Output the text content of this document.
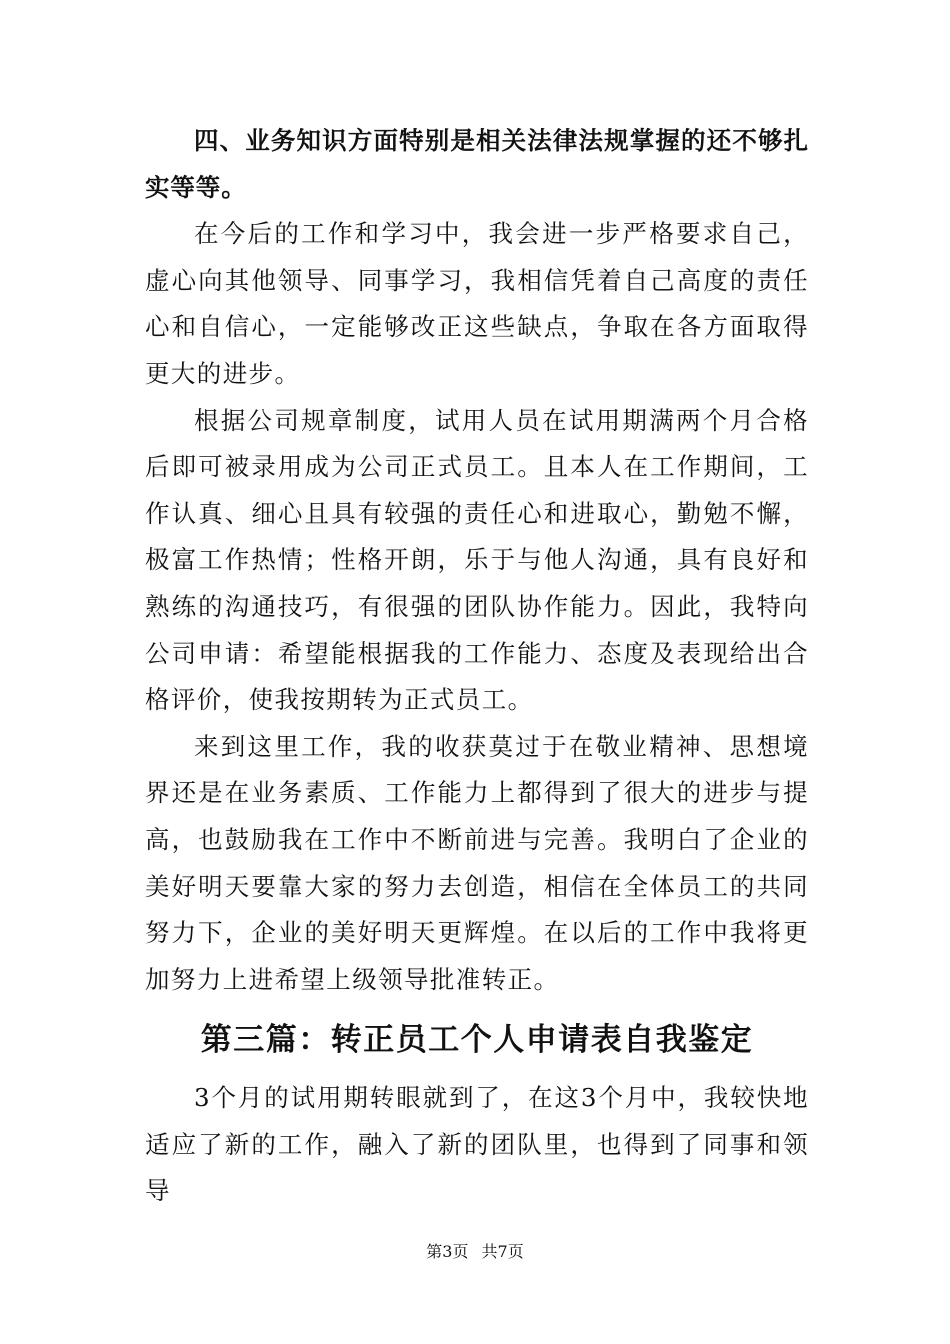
四、业务知识方面特别是相关法律法规掌握的还不够扎实等等。

在今后的工作和学习中，我会进一步严格要求自己，虚心向其他领导、同事学习，我相信凭着自己高度的责任心和自信心，一定能够改正这些缺点，争取在各方面取得更大的进步。

根据公司规章制度，试用人员在试用期满两个月合格后即可被录用成为公司正式员工。且本人在工作期间，工作认真、细心且具有较强的责任心和进取心，勤勉不懈，极富工作热情；性格开朗，乐于与他人沟通，具有良好和熟练的沟通技巧，有很强的团队协作能力。因此，我特向公司申请：希望能根据我的工作能力、态度及表现给出合格评价，使我按期转为正式员工。

来到这里工作，我的收获莫过于在敬业精神、思想境界还是在业务素质、工作能力上都得到了很大的进步与提高，也鼓励我在工作中不断前进与完善。我明白了企业的美好明天要靠大家的努力去创造，相信在全体员工的共同努力下，企业的美好明天更辉煌。在以后的工作中我将更加努力上进希望上级领导批准转正。

第三篇：转正员工个人申请表自我鉴定

3个月的试用期转眼就到了，在这3个月中，我较快地适应了新的工作，融入了新的团队里，也得到了同事和领导

第3页 共7页
